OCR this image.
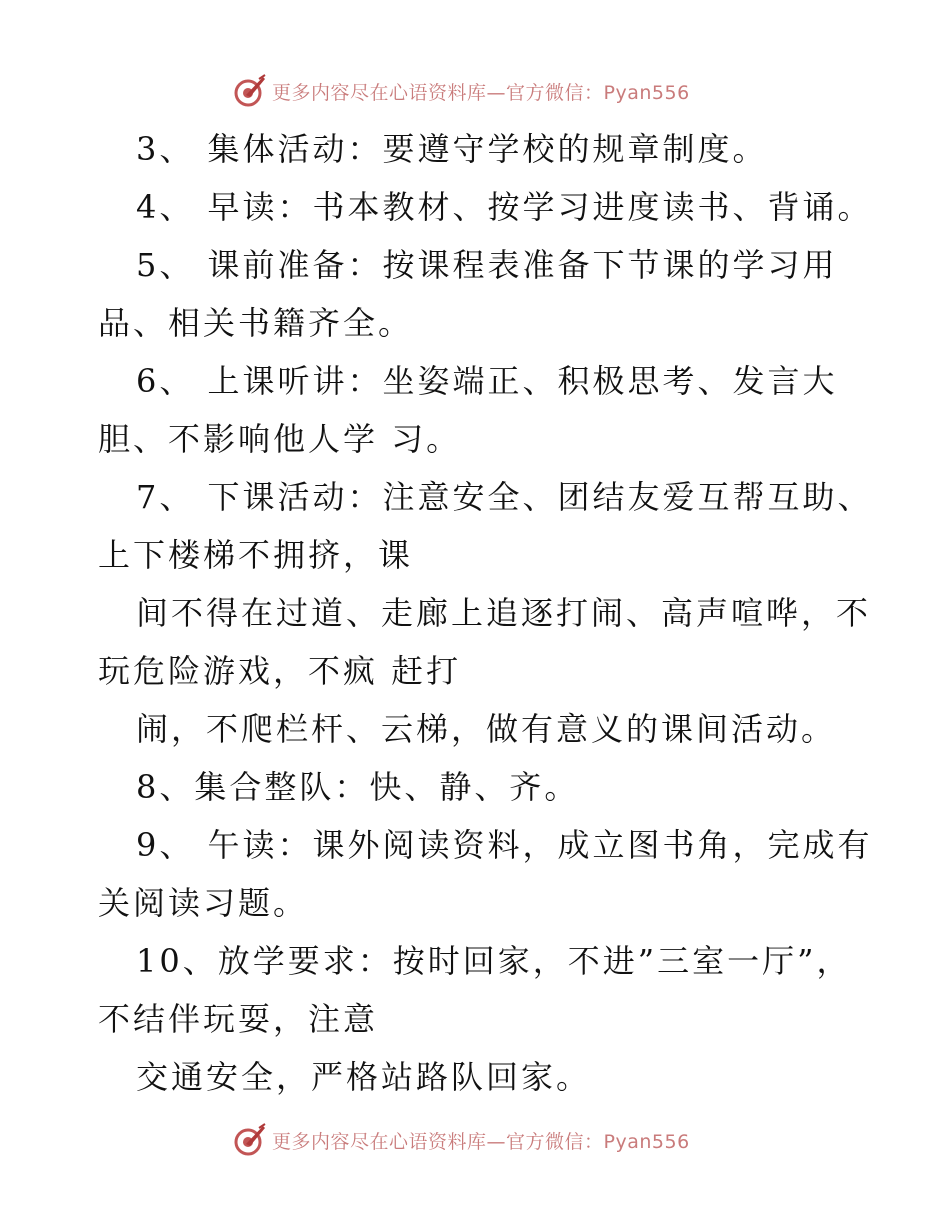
更多内容尽在心语资料库—官方微信：Pyan556
3、 集体活动：要遵守学校的规章制度。
4、 早读：书本教材、按学习进度读书、背诵。
5、 课前准备：按课程表准备下节课的学习用
品、相关书籍齐全。
6、 上课听讲：坐姿端正、积极思考、发言大
胆、不影响他人学 习。
7、 下课活动：注意安全、团结友爱互帮互助、
上下楼梯不拥挤，课
间不得在过道、走廊上追逐打闹、高声喧哗，不
玩危险游戏，不疯 赶打
闹，不爬栏杆、云梯，做有意义的课间活动。
8、集合整队：快、静、齐。
9、 午读：课外阅读资料，成立图书角，完成有
关阅读习题。
10、放学要求：按时回家，不进”三室一厅”，
不结伴玩耍，注意
交通安全，严格站路队回家。
更多内容尽在心语资料库—官方微信：Pyan556
